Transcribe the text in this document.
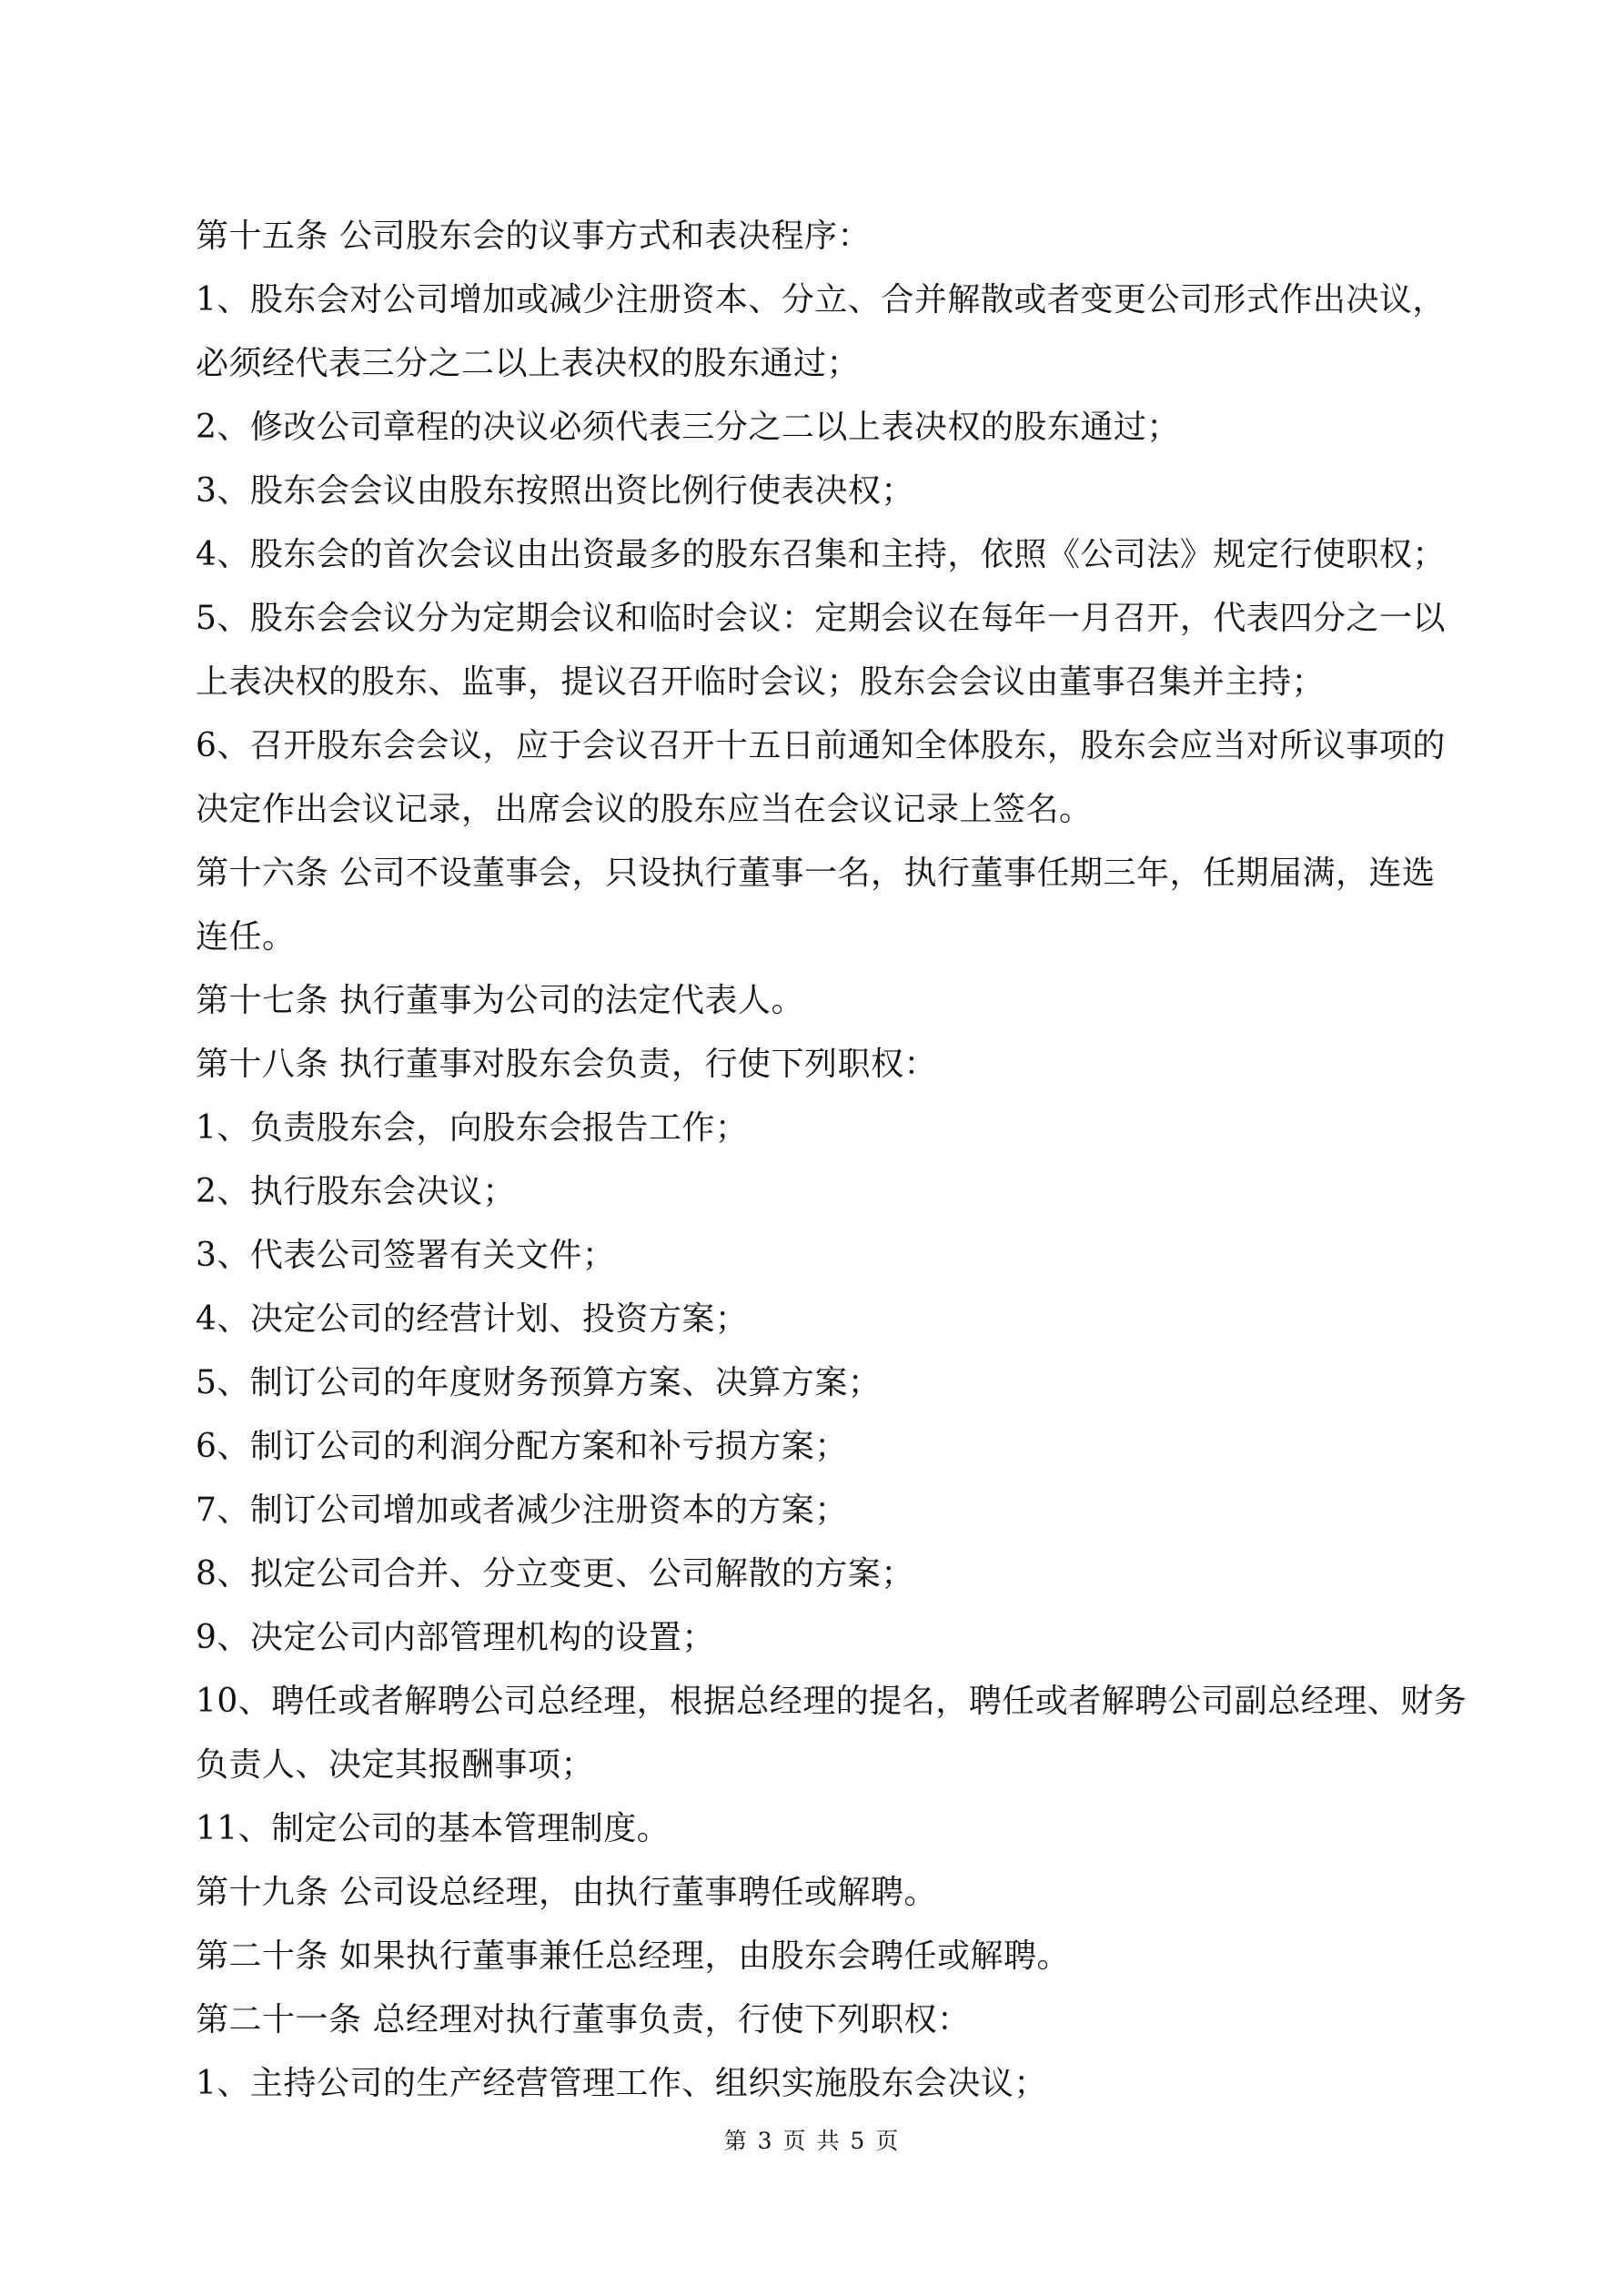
第十五条 公司股东会的议事方式和表决程序：
1、股东会对公司增加或减少注册资本、分立、合并解散或者变更公司形式作出决议，
必须经代表三分之二以上表决权的股东通过；
2、修改公司章程的决议必须代表三分之二以上表决权的股东通过；
3、股东会会议由股东按照出资比例行使表决权；
4、股东会的首次会议由出资最多的股东召集和主持，依照《公司法》规定行使职权；
5、股东会会议分为定期会议和临时会议：定期会议在每年一月召开，代表四分之一以
上表决权的股东、监事，提议召开临时会议；股东会会议由董事召集并主持；
6、召开股东会会议，应于会议召开十五日前通知全体股东，股东会应当对所议事项的
决定作出会议记录，出席会议的股东应当在会议记录上签名。
第十六条 公司不设董事会，只设执行董事一名，执行董事任期三年，任期届满，连选
连任。
第十七条 执行董事为公司的法定代表人。
第十八条 执行董事对股东会负责，行使下列职权：
1、负责股东会，向股东会报告工作；
2、执行股东会决议；
3、代表公司签署有关文件；
4、决定公司的经营计划、投资方案；
5、制订公司的年度财务预算方案、决算方案；
6、制订公司的利润分配方案和补亏损方案；
7、制订公司增加或者减少注册资本的方案；
8、拟定公司合并、分立变更、公司解散的方案；
9、决定公司内部管理机构的设置；
10、聘任或者解聘公司总经理，根据总经理的提名，聘任或者解聘公司副总经理、财务
负责人、决定其报酬事项；
11、制定公司的基本管理制度。
第十九条 公司设总经理，由执行董事聘任或解聘。
第二十条 如果执行董事兼任总经理，由股东会聘任或解聘。
第二十一条 总经理对执行董事负责，行使下列职权：
1、主持公司的生产经营管理工作、组织实施股东会决议；
第 3 页 共 5 页
